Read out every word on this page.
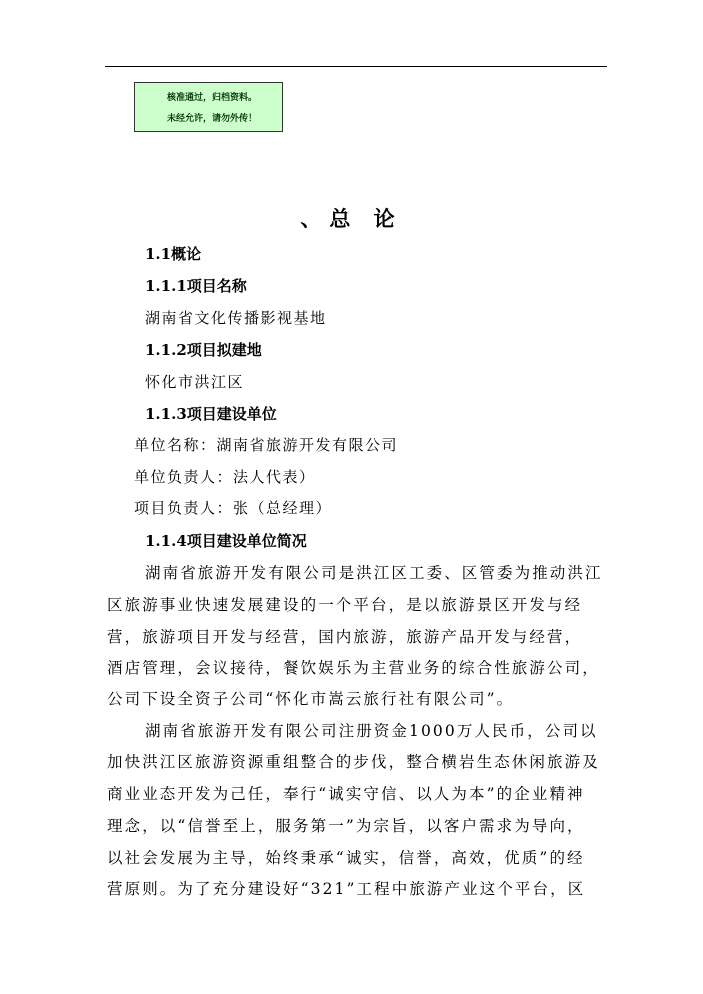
核准通过，归档资料。
未经允许，请勿外传！
、总 论
1.1概论
1.1.1项目名称
湖南省文化传播影视基地
1.1.2项目拟建地
怀化市洪江区
1.1.3项目建设单位
单位名称：湖南省旅游开发有限公司
单位负责人：法人代表）
项目负责人：张（总经理）
1.1.4项目建设单位简况
湖南省旅游开发有限公司是洪江区工委、区管委为推动洪江
区旅游事业快速发展建设的一个平台，是以旅游景区开发与经
营，旅游项目开发与经营，国内旅游，旅游产品开发与经营，
酒店管理，会议接待，餐饮娱乐为主营业务的综合性旅游公司，
公司下设全资子公司“怀化市嵩云旅行社有限公司”。
湖南省旅游开发有限公司注册资金1000万人民币，公司以
加快洪江区旅游资源重组整合的步伐，整合横岩生态休闲旅游及
商业业态开发为己任，奉行“诚实守信、以人为本”的企业精神
理念，以“信誉至上，服务第一”为宗旨，以客户需求为导向，
以社会发展为主导，始终秉承“诚实，信誉，高效，优质”的经
营原则。为了充分建设好“321”工程中旅游产业这个平台，区
